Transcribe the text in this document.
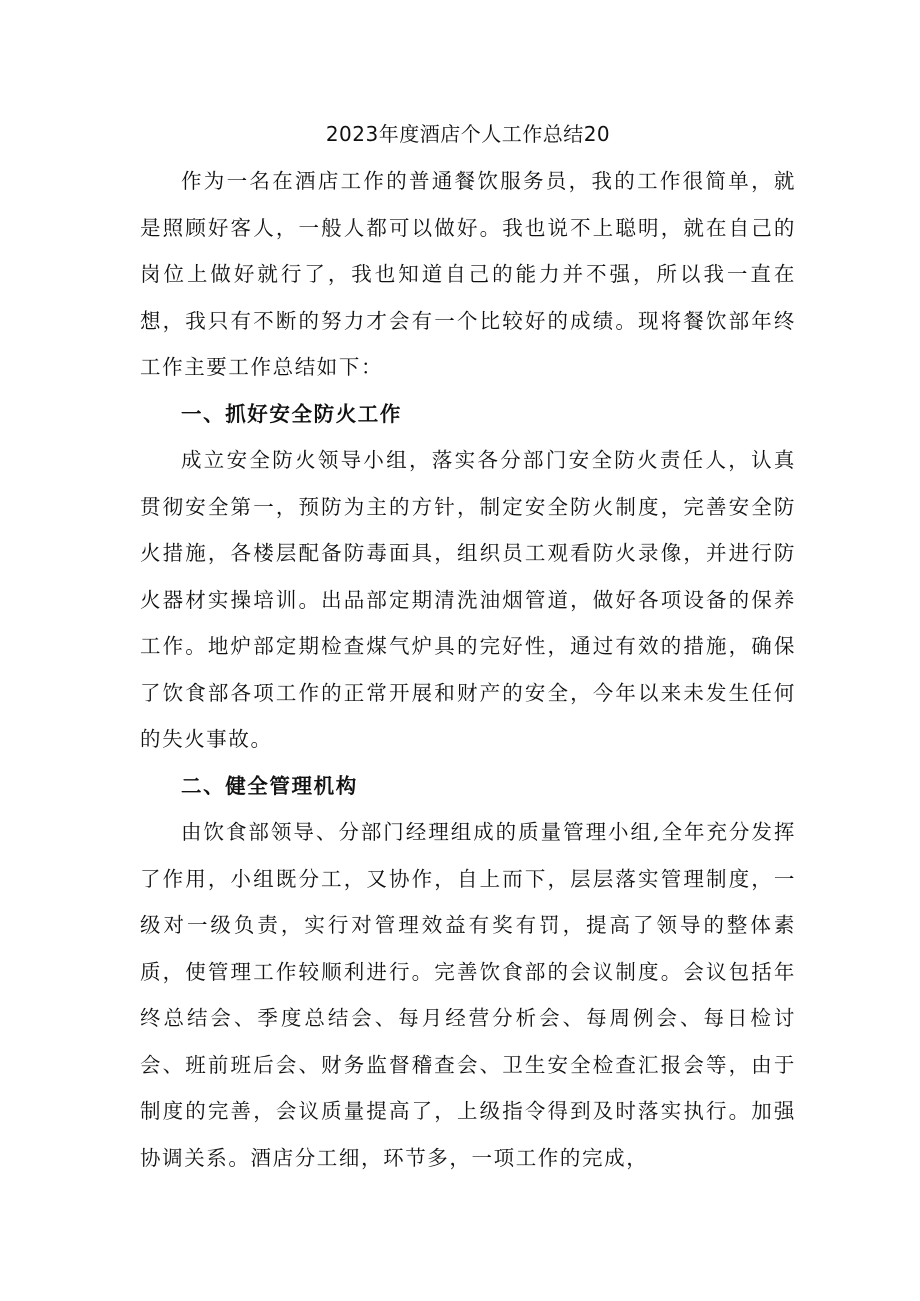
2023年度酒店个人工作总结20

作为一名在酒店工作的普通餐饮服务员，我的工作很简单，就是照顾好客人，一般人都可以做好。我也说不上聪明，就在自己的岗位上做好就行了，我也知道自己的能力并不强，所以我一直在想，我只有不断的努力才会有一个比较好的成绩。现将餐饮部年终工作主要工作总结如下：

一、抓好安全防火工作

成立安全防火领导小组，落实各分部门安全防火责任人，认真贯彻安全第一，预防为主的方针，制定安全防火制度，完善安全防火措施，各楼层配备防毒面具，组织员工观看防火录像，并进行防火器材实操培训。出品部定期清洗油烟管道，做好各项设备的保养工作。地炉部定期检查煤气炉具的完好性，通过有效的措施，确保了饮食部各项工作的正常开展和财产的安全，今年以来未发生任何的失火事故。

二、健全管理机构

由饮食部领导、分部门经理组成的质量管理小组,全年充分发挥了作用，小组既分工，又协作，自上而下，层层落实管理制度，一级对一级负责，实行对管理效益有奖有罚，提高了领导的整体素质，使管理工作较顺利进行。完善饮食部的会议制度。会议包括年终总结会、季度总结会、每月经营分析会、每周例会、每日检讨会、班前班后会、财务监督稽查会、卫生安全检查汇报会等，由于制度的完善，会议质量提高了，上级指令得到及时落实执行。加强协调关系。酒店分工细，环节多，一项工作的完成，
